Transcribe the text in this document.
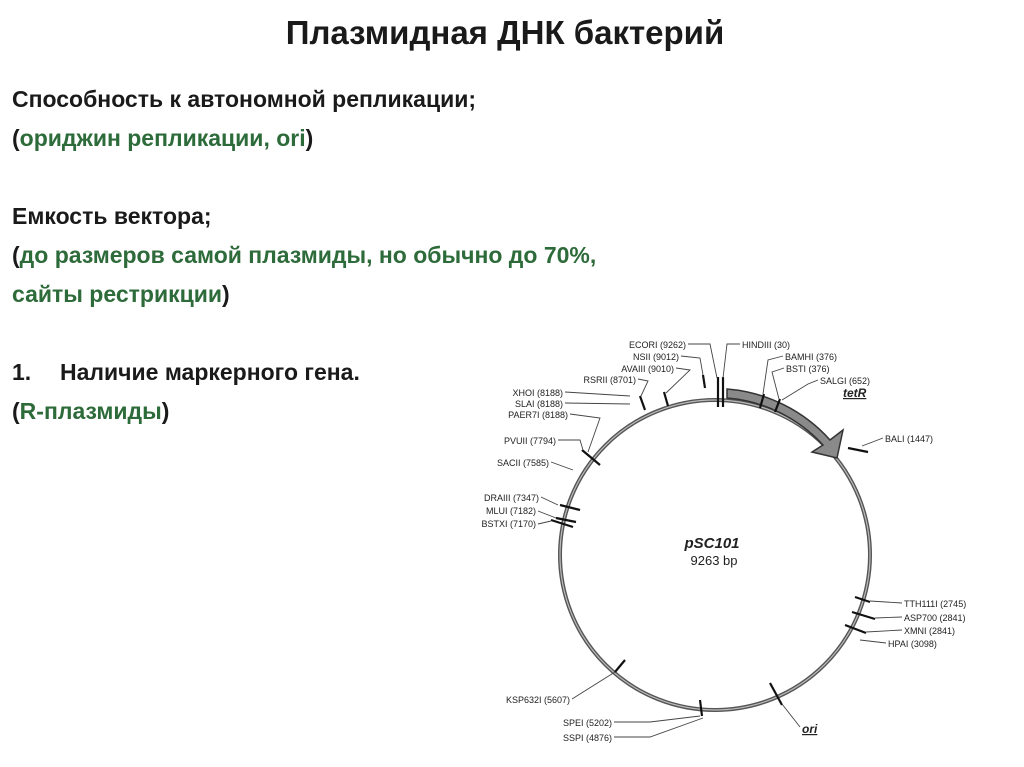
Плазмидная ДНК бактерий
Способность к автономной репликации;
(ориджин репликации, ori)
Емкость вектора;
(до размеров самой плазмиды, но обычно до 70%,
сайты рестрикции)
1. Наличие маркерного гена.
(R-плазмиды)
ECORI (9262)
NSII (9012)
AVAIII (9010)
RSRII (8701)
XHOI (8188)
SLAI (8188)
PAER7I (8188)
PVUII (7794)
SACII (7585)
DRAIII (7347)
MLUI (7182)
BSTXI (7170)
HINDIII (30)
BAMHI (376)
BSTI (376)
SALGI (652)
BALI (1447)
TTH111I (2745)
ASP700 (2841)
XMNI (2841)
HPAI (3098)
KSP632I (5607)
SPEI (5202)
SSPI (4876)
tetR
ori
pSC101
9263 bp
